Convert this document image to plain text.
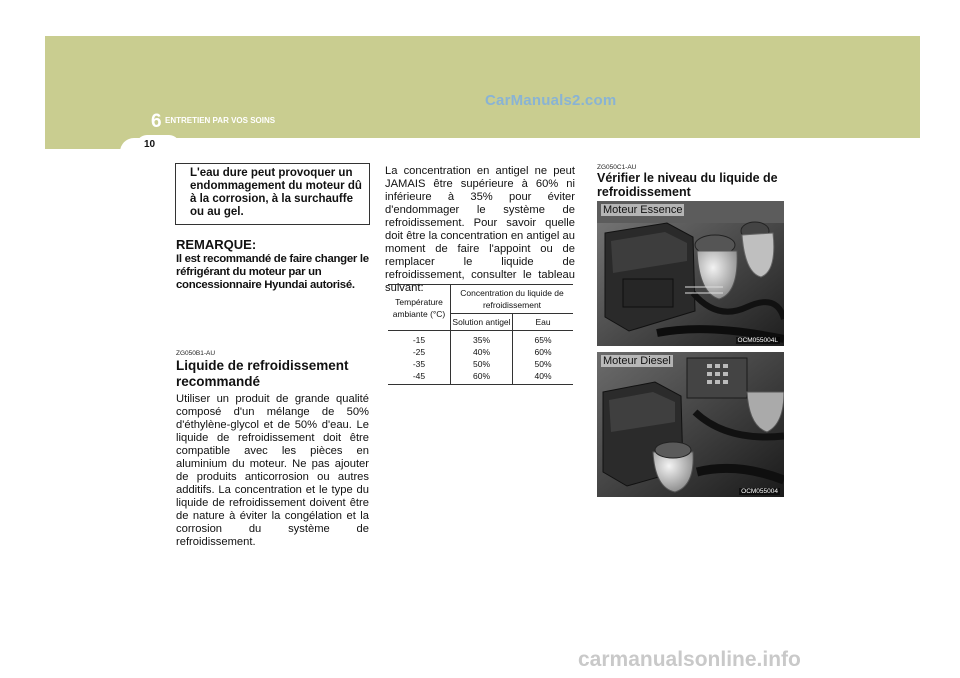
10
6 ENTRETIEN PAR VOS SOINS
CarManuals2.com
L'eau dure peut provoquer un endommagement du moteur dû à la corrosion, à la surchauffe ou au gel.
REMARQUE:
Il est recommandé de faire changer le réfrigérant du moteur par un concessionnaire Hyundai autorisé.
ZG050B1-AU
Liquide de refroidissement recommandé
Utiliser un produit de grande qualité composé d'un mélange de 50% d'éthylène-glycol et de 50% d'eau. Le liquide de refroidissement doit être compatible avec les pièces en aluminium du moteur. Ne pas ajouter de produits anticorrosion ou autres additifs. La concentration et le type du liquide de refroidissement doivent être de nature à éviter la congélation et la corrosion du système de refroidissement.
La concentration en antigel ne peut JAMAIS être supérieure à 60% ni inférieure à 35% pour éviter d'endommager le système de refroidissement. Pour savoir quelle doit être la concentration en antigel au moment de faire l'appoint ou de remplacer le liquide de refroidissement, consulter le tableau suivant:
Température ambiante (°C)	Concentration du liquide de refroidissement	
	Solution antigel	Eau
-15	35%	65%
-25	40%	60%
-35	50%	50%
-45	60%	40%
ZG050C1-AU
Vérifier le niveau du liquide de refroidissement
Moteur Essence
OCM055004L
Moteur Diesel
OCM055004
carmanualsonline.info
